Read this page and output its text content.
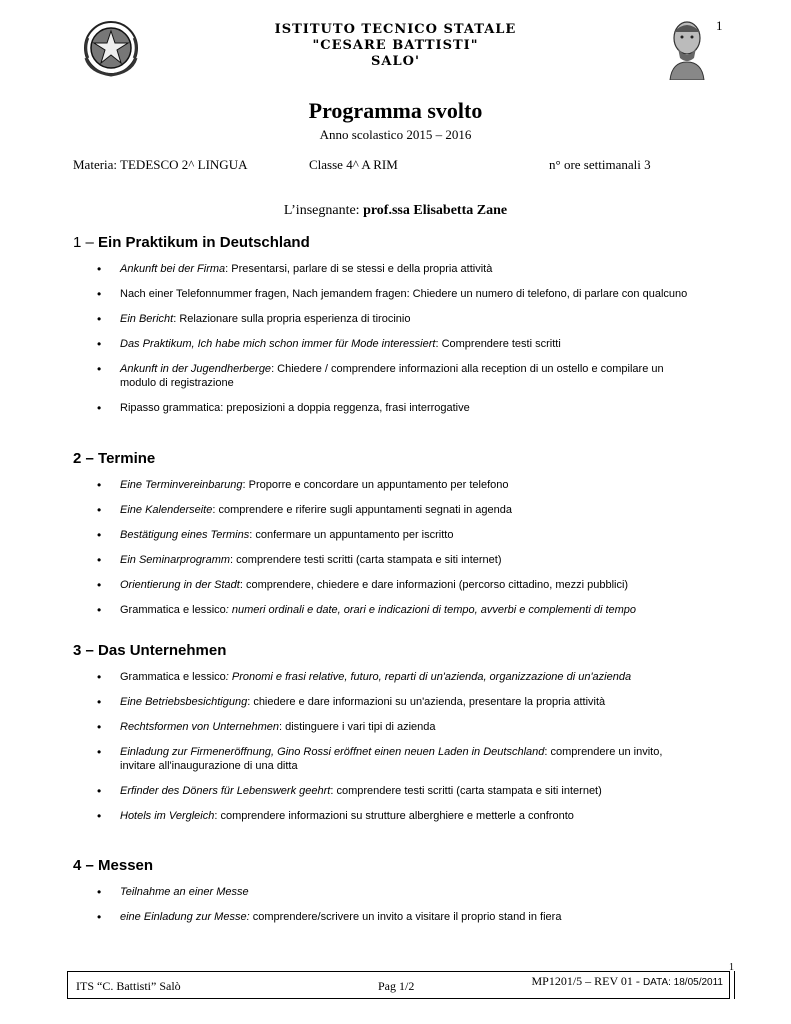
1
ISTITUTO TECNICO STATALE
"CESARE BATTISTI"
SALO'
Programma svolto
Anno scolastico 2015 – 2016
Materia: TEDESCO 2^ LINGUA	Classe 4^ A RIM	n° ore settimanali 3
L’insegnante: prof.ssa Elisabetta Zane
1 – Ein Praktikum in Deutschland
• Ankunft bei der Firma: Presentarsi, parlare di se stessi e della propria attività
• Nach einer Telefonnummer fragen, Nach jemandem fragen: Chiedere un numero di telefono, di parlare con qualcuno
• Ein Bericht: Relazionare sulla propria esperienza di tirocinio
• Das Praktikum, Ich habe mich schon immer für Mode interessiert: Comprendere testi scritti
• Ankunft in der Jugendherberge: Chiedere / comprendere informazioni alla reception di un ostello e compilare un modulo di registrazione
• Ripasso grammatica: preposizioni a doppia reggenza, frasi interrogative
2 – Termine
• Eine Terminvereinbarung: Proporre e concordare un appuntamento per telefono
• Eine Kalenderseite: comprendere e riferire sugli appuntamenti segnati in agenda
• Bestätigung eines Termins: confermare un appuntamento per iscritto
• Ein Seminarprogramm: comprendere testi scritti (carta stampata e siti internet)
• Orientierung in der Stadt: comprendere, chiedere e dare informazioni (percorso cittadino, mezzi pubblici)
• Grammatica e lessico: numeri ordinali e date, orari e indicazioni di tempo, avverbi e complementi di tempo
3 – Das Unternehmen
• Grammatica e lessico: Pronomi e frasi relative, futuro, reparti di un'azienda, organizzazione di un'azienda
• Eine Betriebsbesichtigung: chiedere e dare informazioni su un'azienda, presentare la propria attività
• Rechtsformen von Unternehmen: distinguere i vari tipi di azienda
• Einladung zur Firmeneröffnung, Gino Rossi eröffnet einen neuen Laden in Deutschland: comprendere un invito, invitare all'inaugurazione di una ditta
• Erfinder des Döners für Lebenswerk geehrt: comprendere testi scritti (carta stampata e siti internet)
• Hotels im Vergleich: comprendere informazioni su strutture alberghiere e metterle a confronto
4 – Messen
• Teilnahme an einer Messe
• eine Einladung zur Messe: comprendere/scrivere un invito a visitare il proprio stand in fiera
ITS “C. Battisti” Salò	Pag 1/2	MP1201/5 – REV 01 - DATA: 18/05/2011
1
